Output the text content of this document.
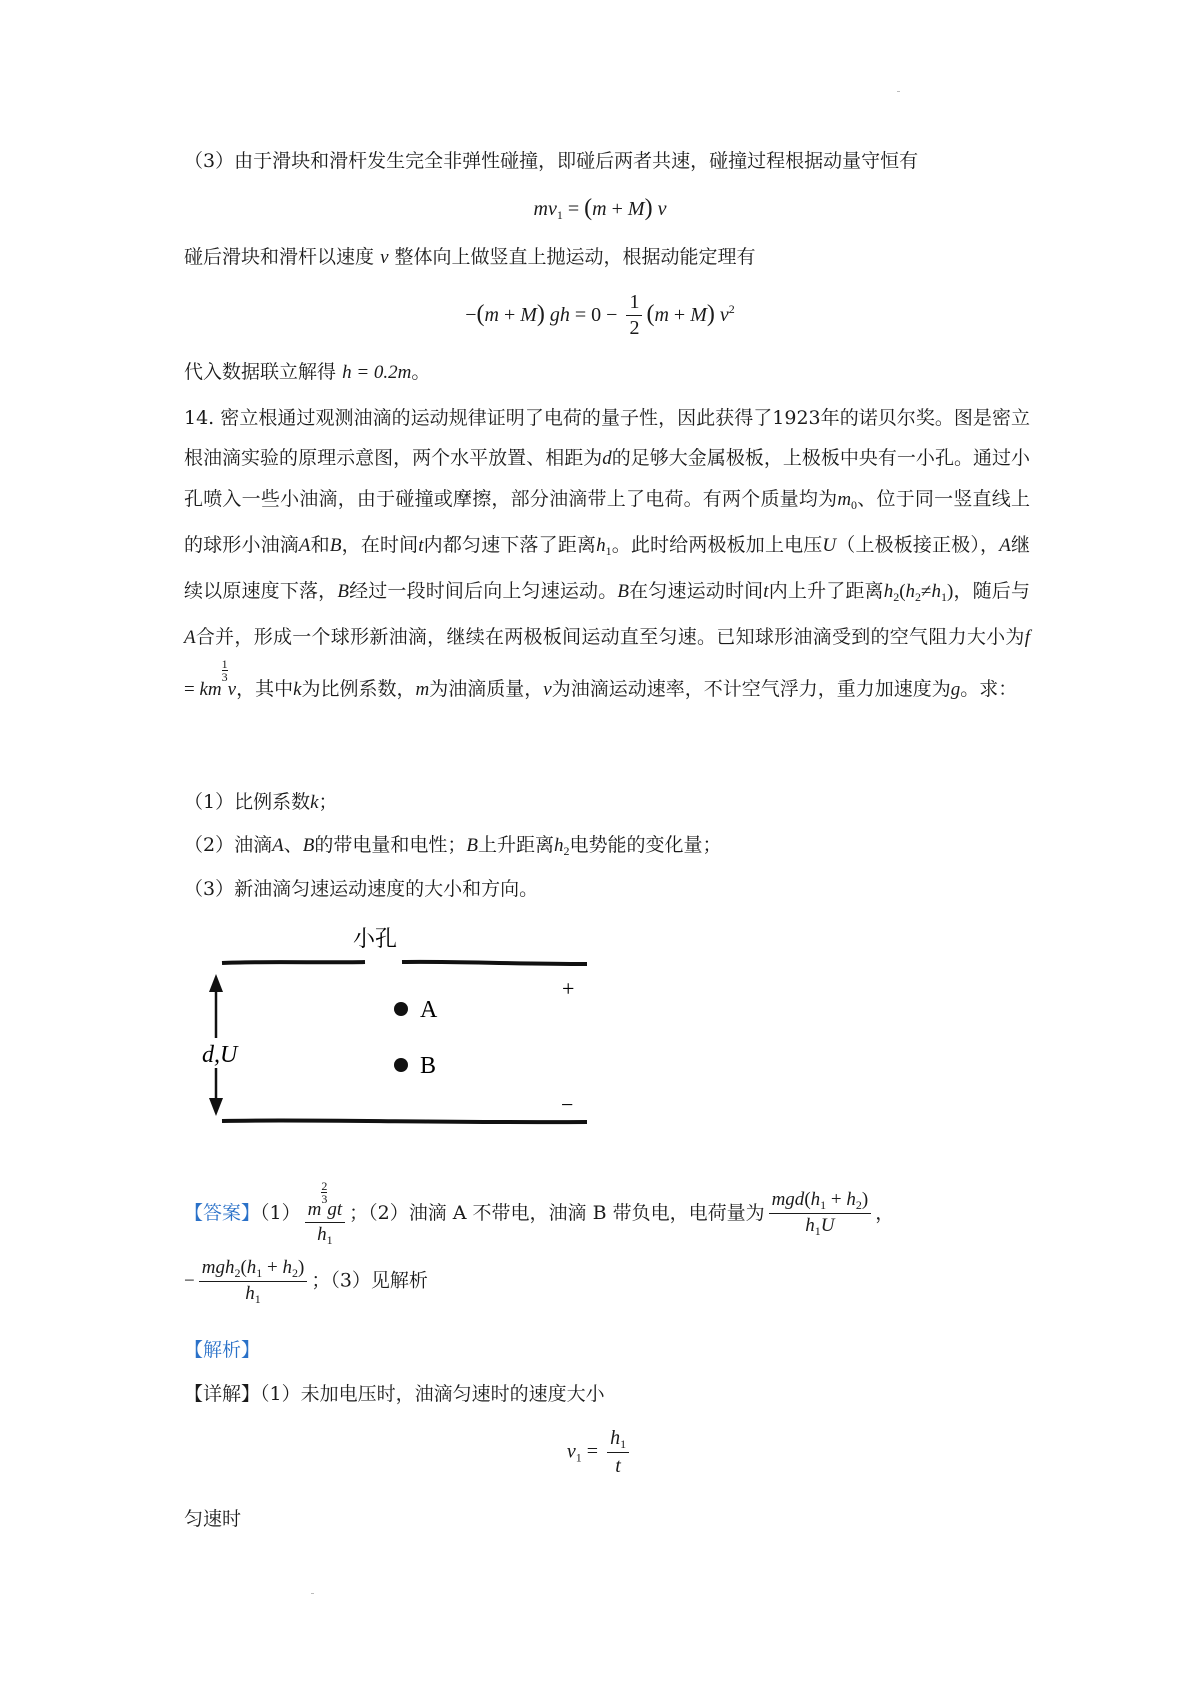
（3）由于滑块和滑杆发生完全非弹性碰撞，即碰后两者共速，碰撞过程根据动量守恒有
$mv_1 = (m + M)$ v
碰后滑块和滑杆以速度 v 整体向上做竖直上抛运动，根据动能定理有
−(m + M) gh = $0 - \frac{1}{2} (m + M)$ $v^2$
代入数据联立解得 h = 0.2m。
14. 密立根通过观测油滴的运动规律证明了电荷的量子性，因此获得了1923年的诺贝尔奖。图是密立根油滴实验的原理示意图，两个水平放置、相距为d的足够大金属极板，上极板中央有一小孔。通过小孔喷入一些小油滴，由于碰撞或摩擦，部分油滴带上了电荷。有两个质量均为$m_0$、位于同一竖直线上的球形小油滴A和B，在时间t内都匀速下落了距离$h_1$。此时给两极板加上电压U（上极板接正极），A继续以原速度下落，B经过一段时间后向上匀速运动。B在匀速运动时间t内上升了距离$h_2(h_2\ne h_1)$，随后与A合并，形成一个球形新油滴，继续在两极板间运动直至匀速。已知球形油滴受到的空气阻力大小为f = km
$^{\frac{1}{3}}$
v，其中k为比例系数，m为油滴质量，v为油滴运动速率，不计空气浮力，重力加速度为g。求：
（1）比例系数k；
（2）油滴A、B的带电量和电性；B上升距离$h_2$电势能的变化量；
（3）新油滴匀速运动速度的大小和方向。
小孔
+
A
B
−
d,U
【答案】（1） m
$^{\frac{2}{3}}$
gt
$h_1$ ；（2）油滴 A 不带电，油滴 B 带负电，电荷量为 $\frac{mgd(h_1 + h_2)}{h_1U}$ ，
− $\frac{mgh_2(h_1 + h_2)}{h_1}$ ；（3）见解析
【解析】
【详解】（1）未加电压时，油滴匀速时的速度大小
$v_1 = \frac{h_1}{t}$
匀速时
